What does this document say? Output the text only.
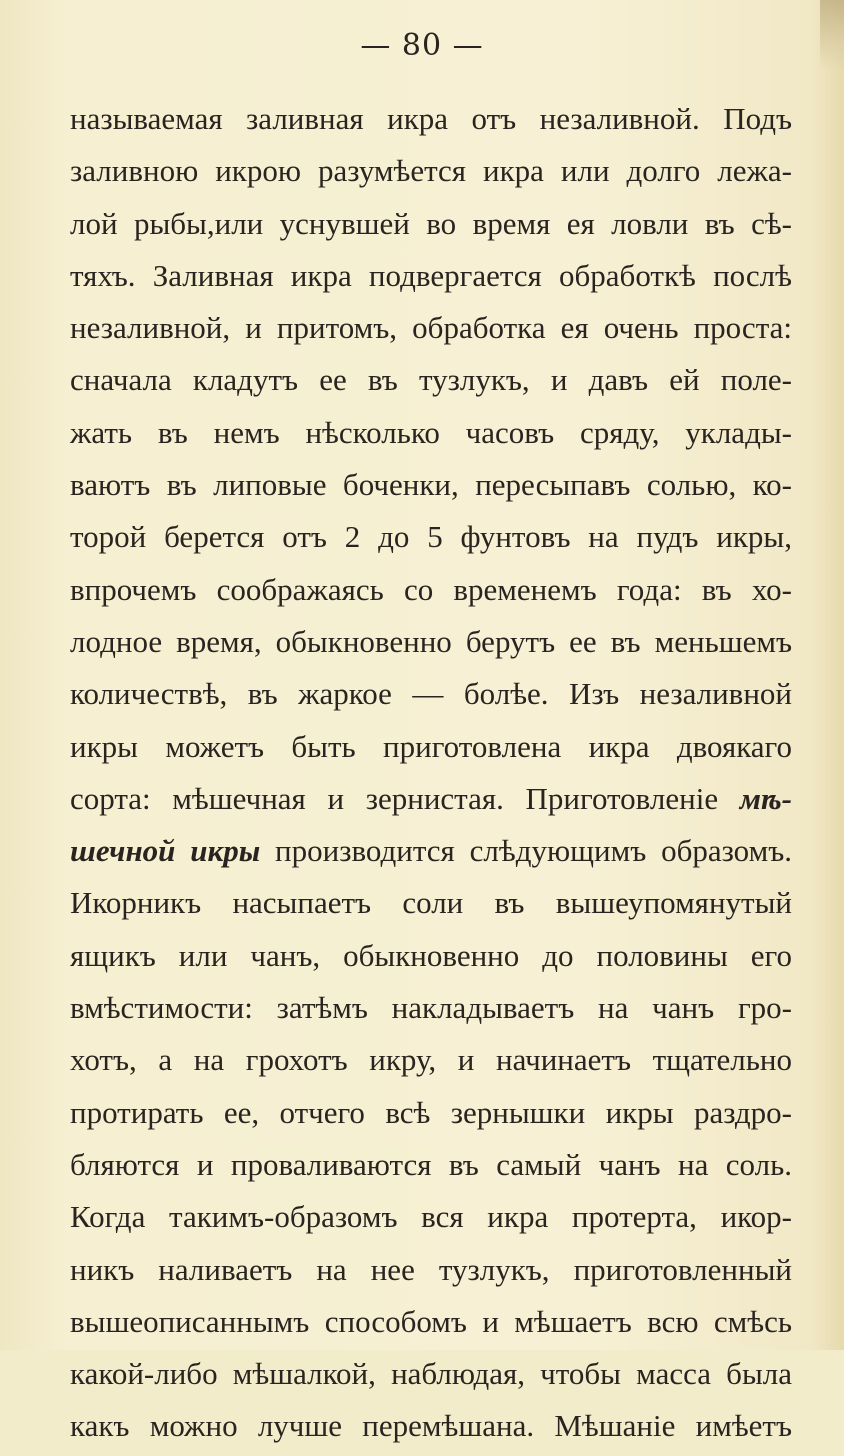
— 80 —
называемая заливная икра отъ незаливной. Подъ
заливною икрою разумѣется икра или долго лежа-
лой рыбы,или уснувшей во время ея ловли въ сѣ-
тяхъ. Заливная икра подвергается обработкѣ послѣ
незаливной, и притомъ, обработка ея очень проста:
сначала кладутъ ее въ тузлукъ, и давъ ей поле-
жать въ немъ нѣсколько часовъ сряду, уклады-
ваютъ въ липовые боченки, пересыпавъ солью, ко-
торой берется отъ 2 до 5 фунтовъ на пудъ икры,
впрочемъ соображаясь со временемъ года: въ хо-
лодное время, обыкновенно берутъ ее въ меньшемъ
количествѣ, въ жаркое — болѣе. Изъ незаливной
икры можетъ быть приготовлена икра двоякаго
сорта: мѣшечная и зернистая. Приготовленіе мѣ-
шечной икры производится слѣдующимъ образомъ.
Икорникъ насыпаетъ соли въ вышеупомянутый
ящикъ или чанъ, обыкновенно до половины его
вмѣстимости: затѣмъ накладываетъ на чанъ гро-
хотъ, а на грохотъ икру, и начинаетъ тщательно
протирать ее, отчего всѣ зернышки икры раздро-
бляются и проваливаются въ самый чанъ на соль.
Когда такимъ-образомъ вся икра протерта, икор-
никъ наливаетъ на нее тузлукъ, приготовленный
вышеописаннымъ способомъ и мѣшаетъ всю смѣсь
какой-либо мѣшалкой, наблюдая, чтобы масса была
какъ можно лучше перемѣшана. Мѣшаніе имѣетъ
